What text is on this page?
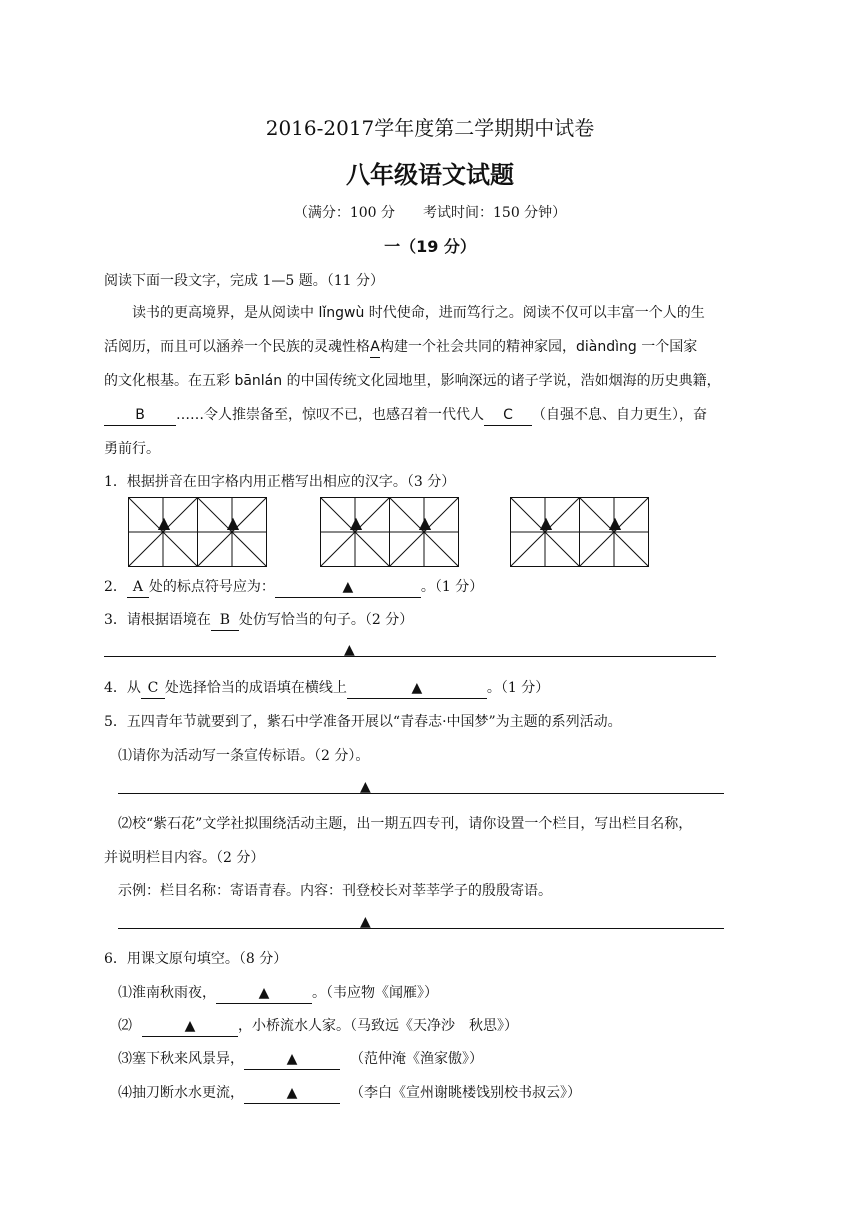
2016-2017学年度第二学期期中试卷
八年级语文试题
（满分：100 分　　考试时间：150 分钟）
一（19 分）
阅读下面一段文字，完成 1—5 题。（11 分）
读书的更高境界，是从阅读中 lǐngwù 时代使命，进而笃行之。阅读不仅可以丰富一个人的生
活阅历，而且可以涵养一个民族的灵魂性格A构建一个社会共同的精神家园，diàndìng 一个国家
的文化根基。在五彩 bānlán 的中国传统文化园地里，影响深远的诸子学说，浩如烟海的历史典籍，
B ……令人推崇备至，惊叹不已，也感召着一代代人 C （自强不息、自力更生），奋
勇前行。
1．根据拼音在田字格内用正楷写出相应的汉字。（3 分）
▲	▲	▲	▲	▲	▲
2． A 处的标点符号应为：	▲	。（1 分）
3．请根据语境在 B 处仿写恰当的句子。（2 分）
▲
4．从 C 处选择恰当的成语填在横线上	▲	。（1 分）
5．五四青年节就要到了，紫石中学准备开展以“青春志·中国梦”为主题的系列活动。
⑴请你为活动写一条宣传标语。（2 分）。
▲
⑵校“紫石花”文学社拟围绕活动主题，出一期五四专刊，请你设置一个栏目，写出栏目名称，
并说明栏目内容。（2 分）
示例：栏目名称：寄语青春。内容：刊登校长对莘莘学子的殷殷寄语。
▲
6．用课文原句填空。（8 分）
⑴淮南秋雨夜，	▲	。（韦应物《闻雁》）
⑵	▲	，小桥流水人家。（马致远《天净沙　秋思》）
⑶塞下秋来风景异，	▲	（范仲淹《渔家傲》）
⑷抽刀断水水更流，	▲	（李白《宣州谢眺楼饯别校书叔云》）
